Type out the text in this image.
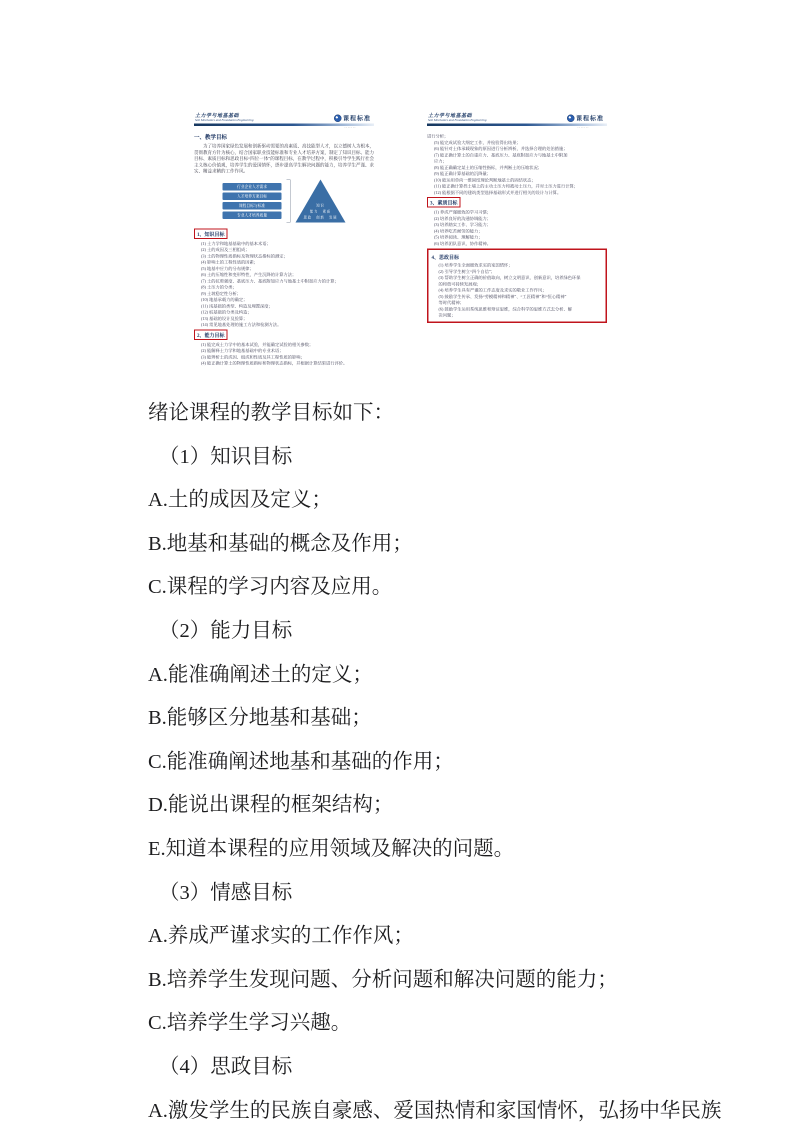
土力学与地基基础
Soil Mechanics and Foundation Engineering	课程标准
·······
一、教学目标
为了培养国家绿色发展和创新驱动需要的高素质、高技能型人才，以立德树人为根本，贯彻教育方针为核心，结合国家职业技能标准和专业人才培养方案，制定了知识目标、能力目标、素质目标和思政目标“四位一体”的课程目标，在教学过程中，积极引导学生践行社会主义核心价值观，培养学生的爱国情怀，逐步提高学生解决问题的能力，培养学生严谨、求实、精益求精的工作作风。
行业企业人才需求
人才培养方案目标
课程目标与标准
专业人才培养质量
知识
能力　素质
思政　创新　发展
1、知识目标
(1) 土力学和地基基础中的基本术语；
(2) 土的成因及三相组成；
(3) 土的物理性质指标及物理状态指标的测定；
(4) 影响土的工程性质的因素；
(5) 地基中应力的分布规律；
(6) 土的压缩性和变形特性，产生沉降的计算方法；
(7) 土的抗剪强度、基底压力、基底附加应力与地基土中附加应力的计算；
(8) 土压力的分类；
(9) 土坡稳定性分析；
(10) 地基承载力的确定；
(11) 浅基础的类型、构造及埋置深度；
(12) 桩基础的分类及构造；
(13) 基础的设计及验算；
(14) 常见地基处理的施工方法和检测方法。
2、能力目标
(1) 能完成土力学中的基本试验，并能确定试验的相关参数；
(2) 能解释土力学和地基基础中的专业术语；
(3) 能辨析土的成因、组成和性质及其工程性质的影响；
(4) 能正确计算土的物理性质指标和物理状态指标，并根据计算结果进行评价。
土力学与地基基础
Soil Mechanics and Foundation Engineering	课程标准
·······
进行分析；
(5) 能完成试验大纲定工作，并检验得出结果；
(6) 能针对土体承载现象的原因进行分析辨析，并选择合理的处治措施；
(7) 能正确计算土的自重应力、基底压力、基底附加应力与地基土中附加
应力；
(8) 能正确确定某土的压缩性指标，并判断土的压缩状况；
(9) 能正确计算基础的沉降量；
(10) 能运用单向一维固结理论判断地基土的固结状态；
(11) 能正确计算挡土墙上的主动土压力和被动土压力，并对土压力进行计算；
(12) 能根据不同的建筑类型选择基础形式并进行相关的设计与计算。
3、素质目标
(1) 养成严谨细致的学习习惯；
(2) 培养良好的沟通协调能力；
(3) 培养踏实工作、学习能力；
(4) 培养吃苦耐劳的能力；
(5) 培养阅读、理解能力；
(6) 培养团队意识、协作精神。
4、思政目标
(1) 培养学生全面细致求实的家国情怀；
(2) 引导学生树立“四个自信”；
(3) 帮助学生树立正确的价值取向，树立文明意识、创新意识，培养绿色环保
的和谐可持续发展观；
(4) 培养学生具有严谨的工作态度及求实的敬业工作作风；
(5) 鼓励学生传承、发扬“劳模精神和精神”、“工匠精神”和“恒心精神”
等时代精神；
(6) 鼓励学生运用系统思维和辩证思维，综合科学的思维方式去分析、解
决问题；
绪论课程的教学目标如下：
（1）知识目标
A.土的成因及定义；
B.地基和基础的概念及作用；
C.课程的学习内容及应用。
（2）能力目标
A.能准确阐述土的定义；
B.能够区分地基和基础；
C.能准确阐述地基和基础的作用；
D.能说出课程的框架结构；
E.知道本课程的应用领域及解决的问题。
（3）情感目标
A.养成严谨求实的工作作风；
B.培养学生发现问题、分析问题和解决问题的能力；
C.培养学生学习兴趣。
（4）思政目标
A.激发学生的民族自豪感、爱国热情和家国情怀，弘扬中华民族
